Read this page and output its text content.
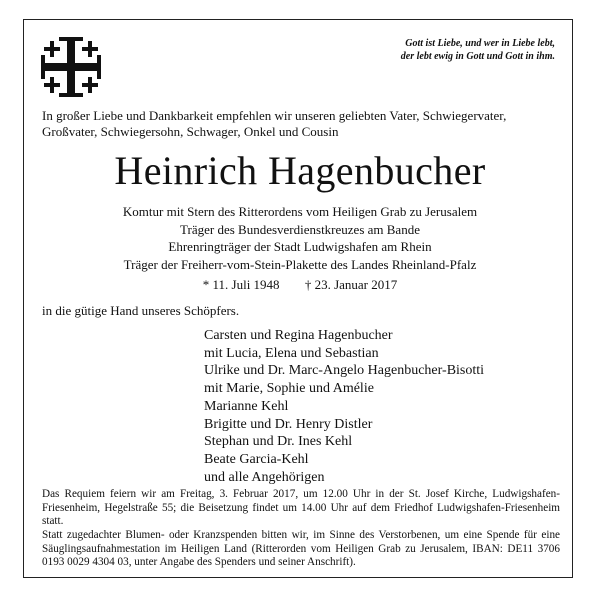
Gott ist Liebe, und wer in Liebe lebt,
der lebt ewig in Gott und Gott in ihm.
In großer Liebe und Dankbarkeit empfehlen wir unseren geliebten Vater, Schwiegervater, Großvater, Schwiegersohn, Schwager, Onkel und Cousin
Heinrich Hagenbucher
Komtur mit Stern des Ritterordens vom Heiligen Grab zu Jerusalem
Träger des Bundesverdienstkreuzes am Bande
Ehrenringträger der Stadt Ludwigshafen am Rhein
Träger der Freiherr-vom-Stein-Plakette des Landes Rheinland-Pfalz
* 11. Juli 1948 † 23. Januar 2017
in die gütige Hand unseres Schöpfers.
Carsten und Regina Hagenbucher
mit Lucia, Elena und Sebastian
Ulrike und Dr. Marc-Angelo Hagenbucher-Bisotti
mit Marie, Sophie und Amélie
Marianne Kehl
Brigitte und Dr. Henry Distler
Stephan und Dr. Ines Kehl
Beate Garcia-Kehl
und alle Angehörigen
Das Requiem feiern wir am Freitag, 3. Februar 2017, um 12.00 Uhr in der St. Josef Kirche, Ludwigshafen-Friesenheim, Hegelstraße 55; die Beisetzung findet um 14.00 Uhr auf dem Friedhof Ludwigshafen-Friesenheim statt.
Statt zugedachter Blumen- oder Kranzspenden bitten wir, im Sinne des Verstorbenen, um eine Spende für eine Säuglingsaufnahmestation im Heiligen Land (Ritterorden vom Heiligen Grab zu Jerusalem, IBAN: DE11 3706 0193 0029 4304 03, unter Angabe des Spenders und seiner Anschrift).
